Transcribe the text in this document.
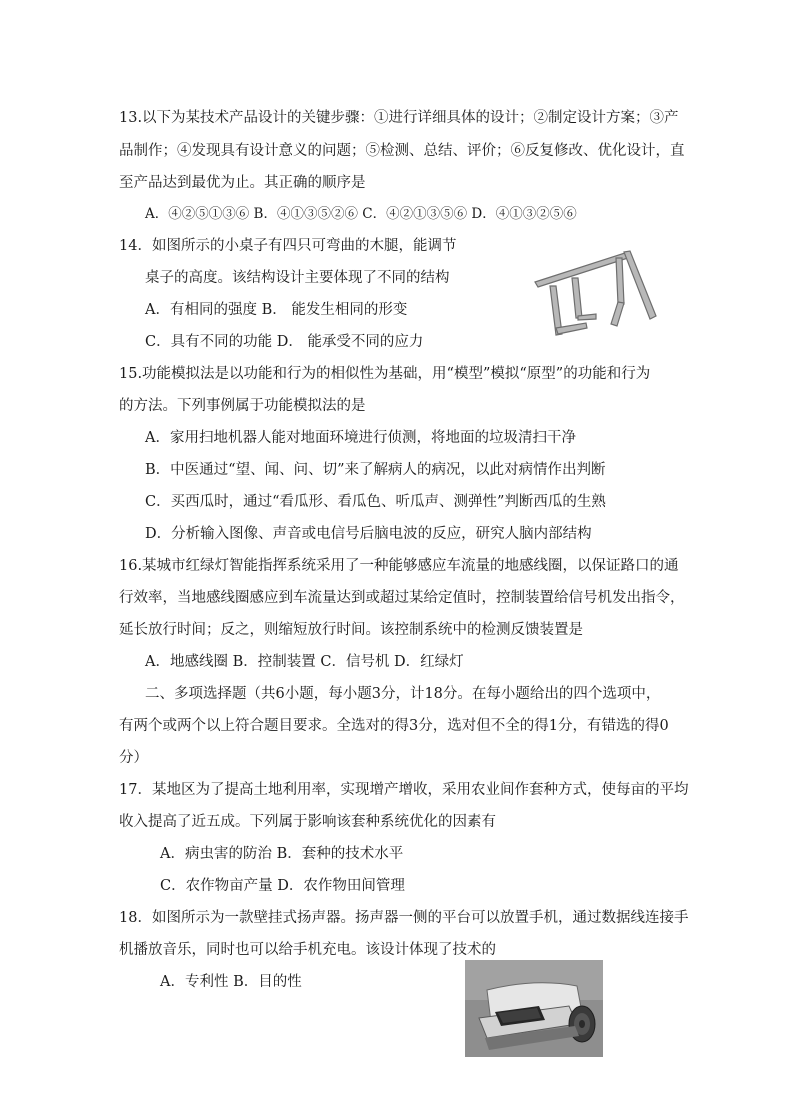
13.以下为某技术产品设计的关键步骤：①进行详细具体的设计；②制定设计方案；③产
品制作；④发现具有设计意义的问题；⑤检测、总结、评价；⑥反复修改、优化设计，直
至产品达到最优为止。其正确的顺序是
A．④②⑤①③⑥ B．④①③⑤②⑥ C．④②①③⑤⑥ D．④①③②⑤⑥
14．如图所示的小桌子有四只可弯曲的木腿，能调节
桌子的高度。该结构设计主要体现了不同的结构
A．有相同的强度 B． 能发生相同的形变
C．具有不同的功能 D． 能承受不同的应力
15.功能模拟法是以功能和行为的相似性为基础，用“模型”模拟“原型”的功能和行为
的方法。下列事例属于功能模拟法的是
A．家用扫地机器人能对地面环境进行侦测，将地面的垃圾清扫干净
B．中医通过“望、闻、问、切”来了解病人的病况，以此对病情作出判断
C．买西瓜时，通过“看瓜形、看瓜色、听瓜声、测弹性”判断西瓜的生熟
D．分析输入图像、声音或电信号后脑电波的反应，研究人脑内部结构
16.某城市红绿灯智能指挥系统采用了一种能够感应车流量的地感线圈，以保证路口的通
行效率，当地感线圈感应到车流量达到或超过某给定值时，控制装置给信号机发出指令，
延长放行时间；反之，则缩短放行时间。该控制系统中的检测反馈装置是
A．地感线圈 B．控制装置 C．信号机 D．红绿灯
二、多项选择题（共6小题，每小题3分，计18分。在每小题给出的四个选项中，
有两个或两个以上符合题目要求。全选对的得3分，选对但不全的得1分，有错选的得0
分）
17．某地区为了提高土地利用率，实现增产增收，采用农业间作套种方式，使每亩的平均
收入提高了近五成。下列属于影响该套种系统优化的因素有
A．病虫害的防治 B．套种的技术水平
C．农作物亩产量 D．农作物田间管理
18．如图所示为一款壁挂式扬声器。扬声器一侧的平台可以放置手机，通过数据线连接手
机播放音乐，同时也可以给手机充电。该设计体现了技术的
A．专利性 B．目的性
